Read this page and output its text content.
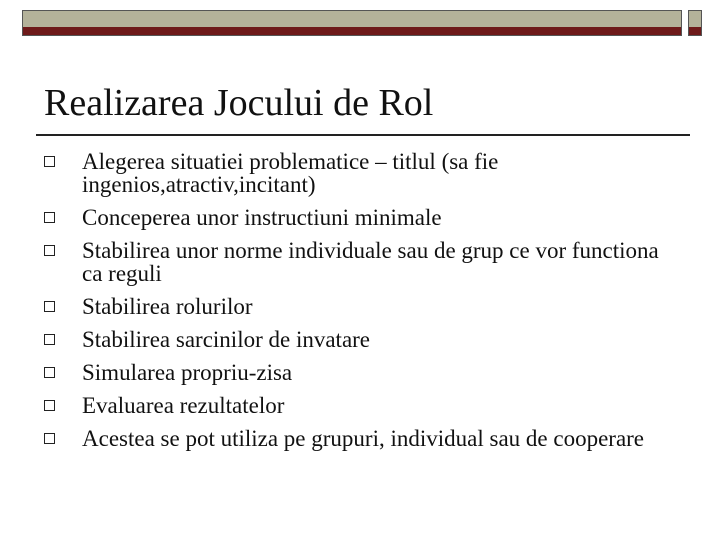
Realizarea Jocului de Rol
Alegerea situatiei problematice – titlul (sa fie ingenios,atractiv,incitant)
Conceperea unor instructiuni minimale
Stabilirea unor norme individuale sau de grup ce vor functiona ca reguli
Stabilirea rolurilor
Stabilirea sarcinilor de invatare
Simularea propriu-zisa
Evaluarea rezultatelor
Acestea se pot utiliza pe grupuri, individual sau de cooperare
